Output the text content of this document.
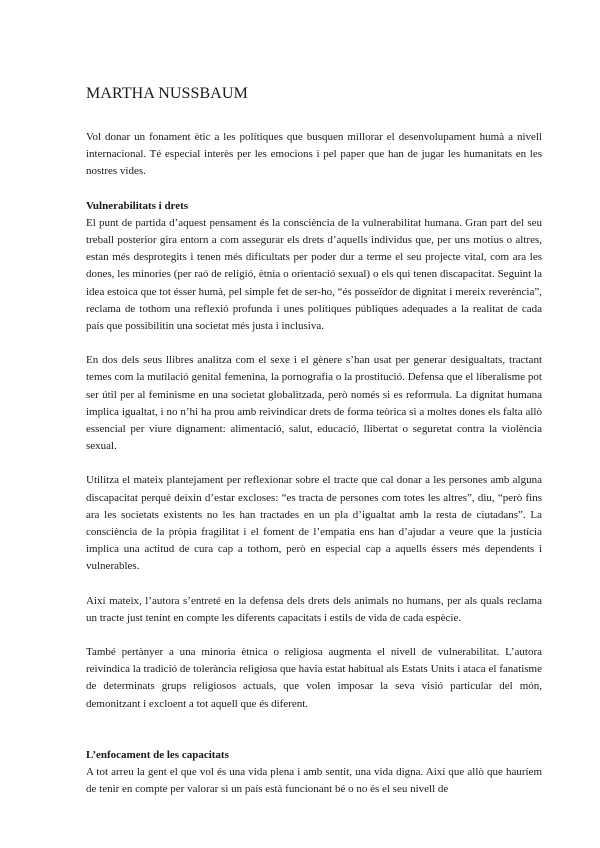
MARTHA NUSSBAUM

Vol donar un fonament ètic a les polítiques que busquen millorar el desenvolupament humà a nivell internacional. Té especial interès per les emocions i pel paper que han de jugar les humanitats en les nostres vides.

Vulnerabilitats i drets

El punt de partida d’aquest pensament és la consciència de la vulnerabilitat humana. Gran part del seu treball posterior gira entorn a com assegurar els drets d’aquells individus que, per uns motius o altres, estan més desprotegits i tenen més dificultats per poder dur a terme el seu projecte vital, com ara les dones, les minories (per raó de religió, ètnia o orientació sexual) o els qui tenen discapacitat. Seguint la idea estoica que tot ésser humà, pel simple fet de ser-ho, “és posseïdor de dignitat i mereix reverència”, reclama de tothom una reflexió profunda i unes polítiques públiques adequades a la realitat de cada país que possibilitin una societat més justa i inclusiva.

En dos dels seus llibres analitza com el sexe i el gènere s’han usat per generar desigualtats, tractant temes com la mutilació genital femenina, la pornografia o la prostitució. Defensa que el liberalisme pot ser útil per al feminisme en una societat globalitzada, però només si es reformula. La dignitat humana implica igualtat, i no n’hi ha prou amb reivindicar drets de forma teòrica si a moltes dones els falta allò essencial per viure dignament: alimentació, salut, educació, llibertat o seguretat contra la violència sexual.

Utilitza el mateix plantejament per reflexionar sobre el tracte que cal donar a les persones amb alguna discapacitat perquè deixin d’estar excloses: “es tracta de persones com totes les altres”, diu, “però fins ara les societats existents no les han tractades en un pla d’igualtat amb la resta de ciutadans”. La consciència de la pròpia fragilitat i el foment de l’empatia ens han d’ajudar a veure que la justícia implica una actitud de cura cap a tothom, però en especial cap a aquells éssers més dependents i vulnerables.

Així mateix, l’autora s’entreté en la defensa dels drets dels animals no humans, per als quals reclama un tracte just tenint en compte les diferents capacitats i estils de vida de cada espècie.

També pertànyer a una minoria ètnica o religiosa augmenta el nivell de vulnerabilitat. L’autora reivindica la tradició de tolerància religiosa que havia estat habitual als Estats Units i ataca el fanatisme de determinats grups religiosos actuals, que volen imposar la seva visió particular del món, demonitzant i excloent a tot aquell que és diferent.

L’enfocament de les capacitats

A tot arreu la gent el que vol és una vida plena i amb sentit, una vida digna. Així que allò que hauríem de tenir en compte per valorar si un país està funcionant bé o no és el seu nivell de
